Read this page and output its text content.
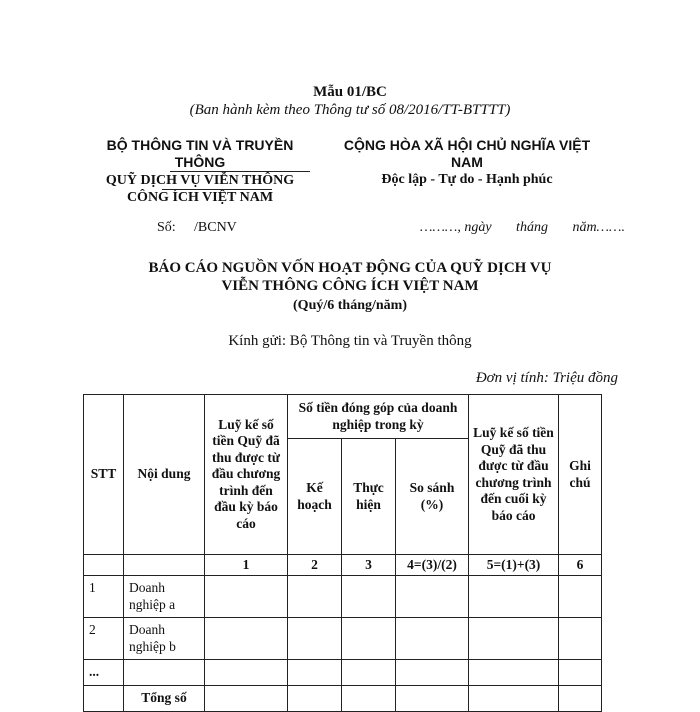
Mẫu 01/BC
(Ban hành kèm theo Thông tư số 08/2016/TT-BTTTT)
BỘ THÔNG TIN VÀ TRUYỀN THÔNG
QUỸ DỊCH VỤ VIỄN THÔNG CÔNG ÍCH VIỆT NAM
CỘNG HÒA XÃ HỘI CHỦ NGHĨA VIỆT NAM
Độc lập - Tự do - Hạnh phúc
Số: /BCNV	………, ngày       tháng       năm…….
BÁO CÁO NGUỒN VỐN HOẠT ĐỘNG CỦA QUỸ DỊCH VỤ
VIỄN THÔNG CÔNG ÍCH VIỆT NAM
(Quý/6 tháng/năm)
Kính gửi: Bộ Thông tin và Truyền thông
Đơn vị tính: Triệu đồng
STT	Nội dung	Luỹ kế số tiền Quỹ đã thu được từ đầu chương trình đến đầu kỳ báo cáo	Số tiền đóng góp của doanh nghiệp trong kỳ			Luỹ kế số tiền Quỹ đã thu được từ đầu chương trình đến cuối kỳ báo cáo	Ghi chú
			Kế hoạch	Thực hiện	So sánh (%)		
		1	2	3	4=(3)/(2)	5=(1)+(3)	6
1	Doanh nghiệp a						
2	Doanh nghiệp b						
...							
	Tổng số						
